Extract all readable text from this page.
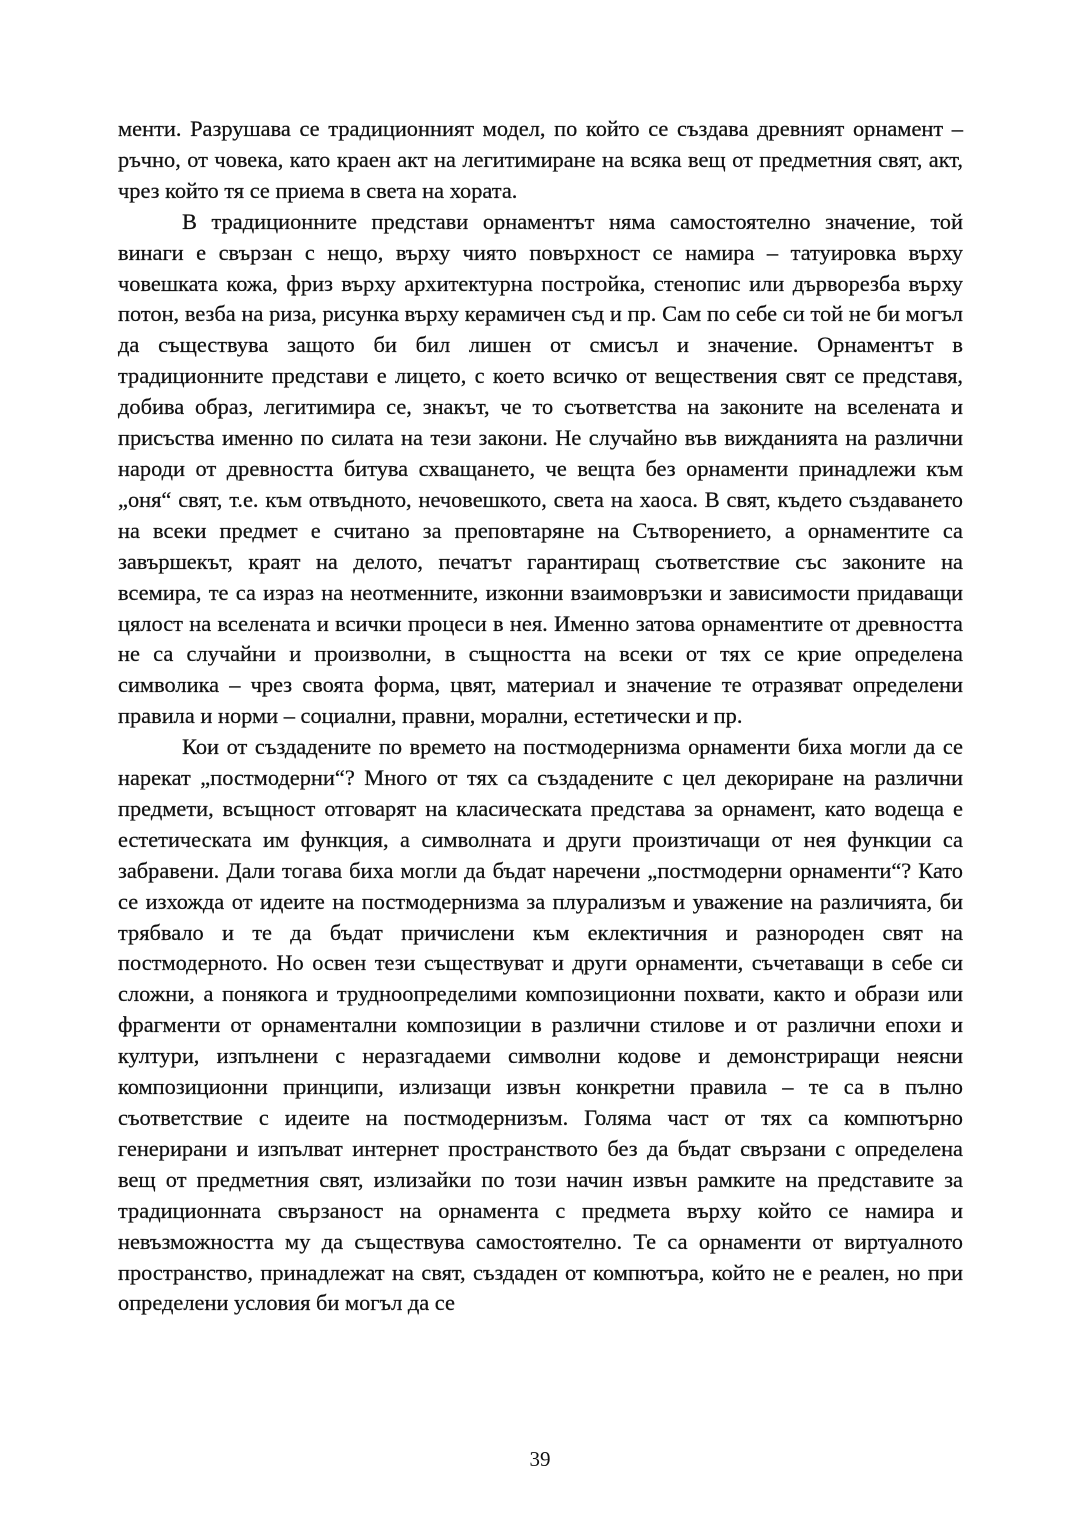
менти. Разрушава се традиционният модел, по който се създава древният орнамент – ръчно, от човека, като краен акт на легитимиране на всяка вещ от предметния свят, акт, чрез който тя се приема в света на хората.

В традиционните представи орнаментът няма самостоятелно значение, той винаги е свързан с нещо, върху чиято повърхност се намира – татуировка върху човешката кожа, фриз върху архитектурна постройка, стенопис или дърворезба върху потон, везба на риза, рисунка върху керамичен съд и пр. Сам по себе си той не би могъл да съществува защото би бил лишен от смисъл и значение. Орнаментът в традиционните представи е лицето, с което всичко от веществения свят се представя, добива образ, легитимира се, знакът, че то съответства на законите на вселената и присъства именно по силата на тези закони. Не случайно във вижданията на различни народи от древността битува схващането, че вещта без орнаменти принадлежи към „оня“ свят, т.е. към отвъдното, нечовешкото, света на хаоса. В свят, където създаването на всеки предмет е считано за преповтаряне на Сътворението, а орнаментите са завършекът, краят на делото, печатът гарантиращ съответствие със законите на всемира, те са израз на неотменните, изконни взаимовръзки и зависимости придаващи цялост на вселената и всички процеси в нея. Именно затова орнаментите от древността не са случайни и произволни, в същността на всеки от тях се крие определена символика – чрез своята форма, цвят, материал и значение те отразяват определени правила и норми – социални, правни, морални, естетически и пр.

Кои от създадените по времето на постмодернизма орнаменти биха могли да се нарекат „постмодерни“? Много от тях са създадените с цел декориране на различни предмети, всъщност отговарят на класическата представа за орнамент, като водеща е естетическата им функция, а символната и други произтичащи от нея функции са забравени. Дали тогава биха могли да бъдат наречени „постмодерни орнаменти“? Като се изхожда от идеите на постмодернизма за плурализъм и уважение на различията, би трябвало и те да бъдат причислени към еклектичния и разнороден свят на постмодерното. Но освен тези съществуват и други орнаменти, съчетаващи в себе си сложни, а понякога и трудноопределими композиционни похвати, както и образи или фрагменти от орнаментални композиции в различни стилове и от различни епохи и култури, изпълнени с неразгадаеми символни кодове и демонстриращи неясни композиционни принципи, излизащи извън конкретни правила – те са в пълно съответствие с идеите на постмодернизъм. Голяма част от тях са компютърно генерирани и изпълват интернет пространството без да бъдат свързани с определена вещ от предметния свят, излизайки по този начин извън рамките на представите за традиционната свързаност на орнамента с предмета върху който се намира и невъзможността му да съществува самостоятелно. Те са орнаменти от виртуалното пространство, принадлежат на свят, създаден от компютъра, който не е реален, но при определени условия би могъл да се

39
